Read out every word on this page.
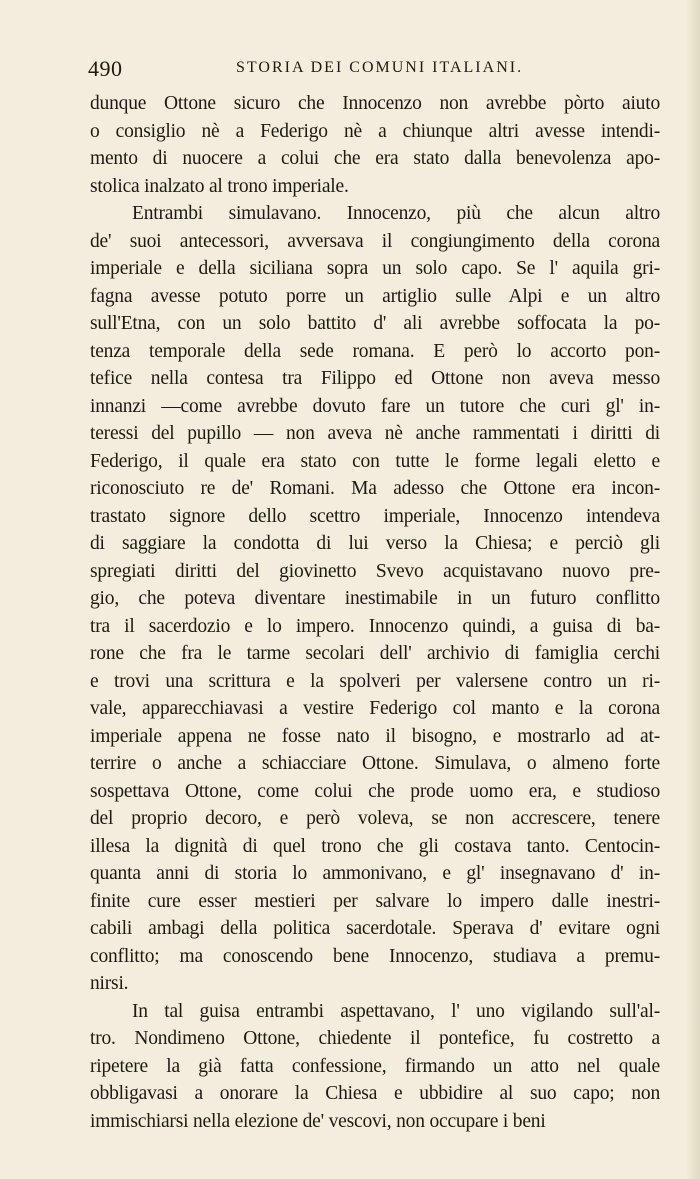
490	STORIA DEI COMUNI ITALIANI.
dunque Ottone sicuro che Innocenzo non avrebbe pòrto aiuto
o consiglio nè a Federigo nè a chiunque altri avesse intendi-
mento di nuocere a colui che era stato dalla benevolenza apo-
stolica inalzato al trono imperiale.
Entrambi simulavano. Innocenzo, più che alcun altro
de' suoi antecessori, avversava il congiungimento della corona
imperiale e della siciliana sopra un solo capo. Se l' aquila gri-
fagna avesse potuto porre un artiglio sulle Alpi e un altro
sull'Etna, con un solo battito d' ali avrebbe soffocata la po-
tenza temporale della sede romana. E però lo accorto pon-
tefice nella contesa tra Filippo ed Ottone non aveva messo
innanzi —come avrebbe dovuto fare un tutore che curi gl' in-
teressi del pupillo — non aveva nè anche rammentati i diritti di
Federigo, il quale era stato con tutte le forme legali eletto e
riconosciuto re de' Romani. Ma adesso che Ottone era incon-
trastato signore dello scettro imperiale, Innocenzo intendeva
di saggiare la condotta di lui verso la Chiesa; e perciò gli
spregiati diritti del giovinetto Svevo acquistavano nuovo pre-
gio, che poteva diventare inestimabile in un futuro conflitto
tra il sacerdozio e lo impero. Innocenzo quindi, a guisa di ba-
rone che fra le tarme secolari dell' archivio di famiglia cerchi
e trovi una scrittura e la spolveri per valersene contro un ri-
vale, apparecchiavasi a vestire Federigo col manto e la corona
imperiale appena ne fosse nato il bisogno, e mostrarlo ad at-
terrire o anche a schiacciare Ottone. Simulava, o almeno forte
sospettava Ottone, come colui che prode uomo era, e studioso
del proprio decoro, e però voleva, se non accrescere, tenere
illesa la dignità di quel trono che gli costava tanto. Centocin-
quanta anni di storia lo ammonivano, e gl' insegnavano d' in-
finite cure esser mestieri per salvare lo impero dalle inestri-
cabili ambagi della politica sacerdotale. Sperava d' evitare ogni
conflitto; ma conoscendo bene Innocenzo, studiava a premu-
nirsi.
In tal guisa entrambi aspettavano, l' uno vigilando sull'al-
tro. Nondimeno Ottone, chiedente il pontefice, fu costretto a
ripetere la già fatta confessione, firmando un atto nel quale
obbligavasi a onorare la Chiesa e ubbidire al suo capo; non
immischiarsi nella elezione de' vescovi, non occupare i beni
